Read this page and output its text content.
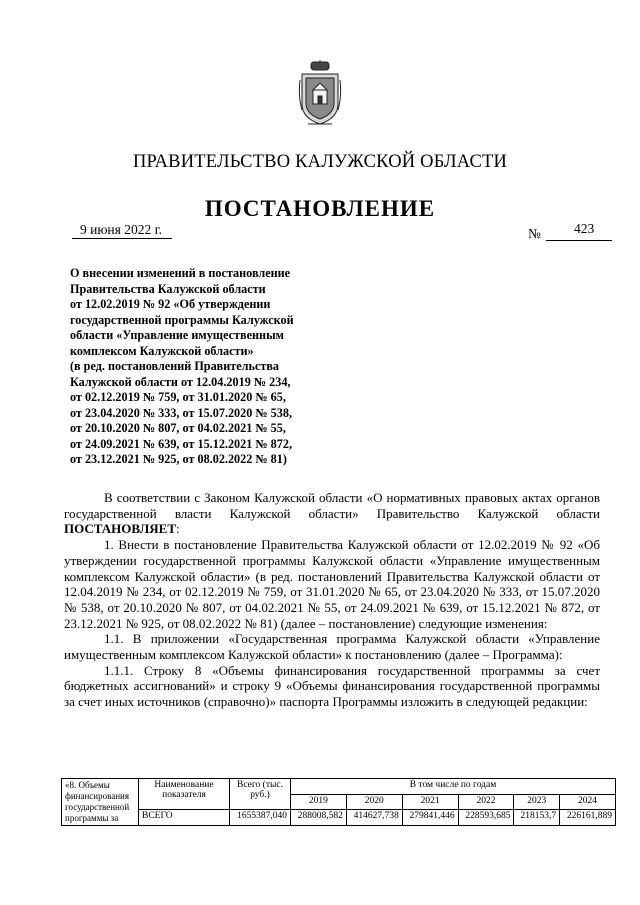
ПРАВИТЕЛЬСТВО КАЛУЖСКОЙ ОБЛАСТИ
ПОСТАНОВЛЕНИЕ
9 июня 2022 г.	№ 423
О внесении изменений в постановление
Правительства Калужской области
от 12.02.2019 № 92 «Об утверждении
государственной программы Калужской
области «Управление имущественным
комплексом Калужской области»
(в ред. постановлений Правительства
Калужской области от 12.04.2019 № 234,
от 02.12.2019 № 759, от 31.01.2020 № 65,
от 23.04.2020 № 333, от 15.07.2020 № 538,
от 20.10.2020 № 807, от 04.02.2021 № 55,
от 24.09.2021 № 639, от 15.12.2021 № 872,
от 23.12.2021 № 925, от 08.02.2022 № 81)

В соответствии с Законом Калужской области «О нормативных правовых актах органов государственной власти Калужской области» Правительство Калужской области ПОСТАНОВЛЯЕТ:

1. Внести в постановление Правительства Калужской области от 12.02.2019 № 92 «Об утверждении государственной программы Калужской области «Управление имущественным комплексом Калужской области» (в ред. постановлений Правительства Калужской области от 12.04.2019 № 234, от 02.12.2019 № 759, от 31.01.2020 № 65, от 23.04.2020 № 333, от 15.07.2020 № 538, от 20.10.2020 № 807, от 04.02.2021 № 55, от 24.09.2021 № 639, от 15.12.2021 № 872, от 23.12.2021 № 925, от 08.02.2022 № 81) (далее – постановление) следующие изменения:

1.1. В приложении «Государственная программа Калужской области «Управление имущественным комплексом Калужской области» к постановлению (далее – Программа):

1.1.1. Строку 8 «Объемы финансирования государственной программы за счет бюджетных ассигнований» и строку 9 «Объемы финансирования государственной программы за счет иных источников (справочно)» паспорта Программы изложить в следующей редакции:

«8. Объемы финансирования государственной программы за	Наименование показателя	Всего (тыс. руб.)	В том числе по годам					
			2019	2020	2021	2022	2023	2024
	ВСЕГО	1655387,040	288008,582	414627,738	279841,446	228593,685	218153,7	226161,889
